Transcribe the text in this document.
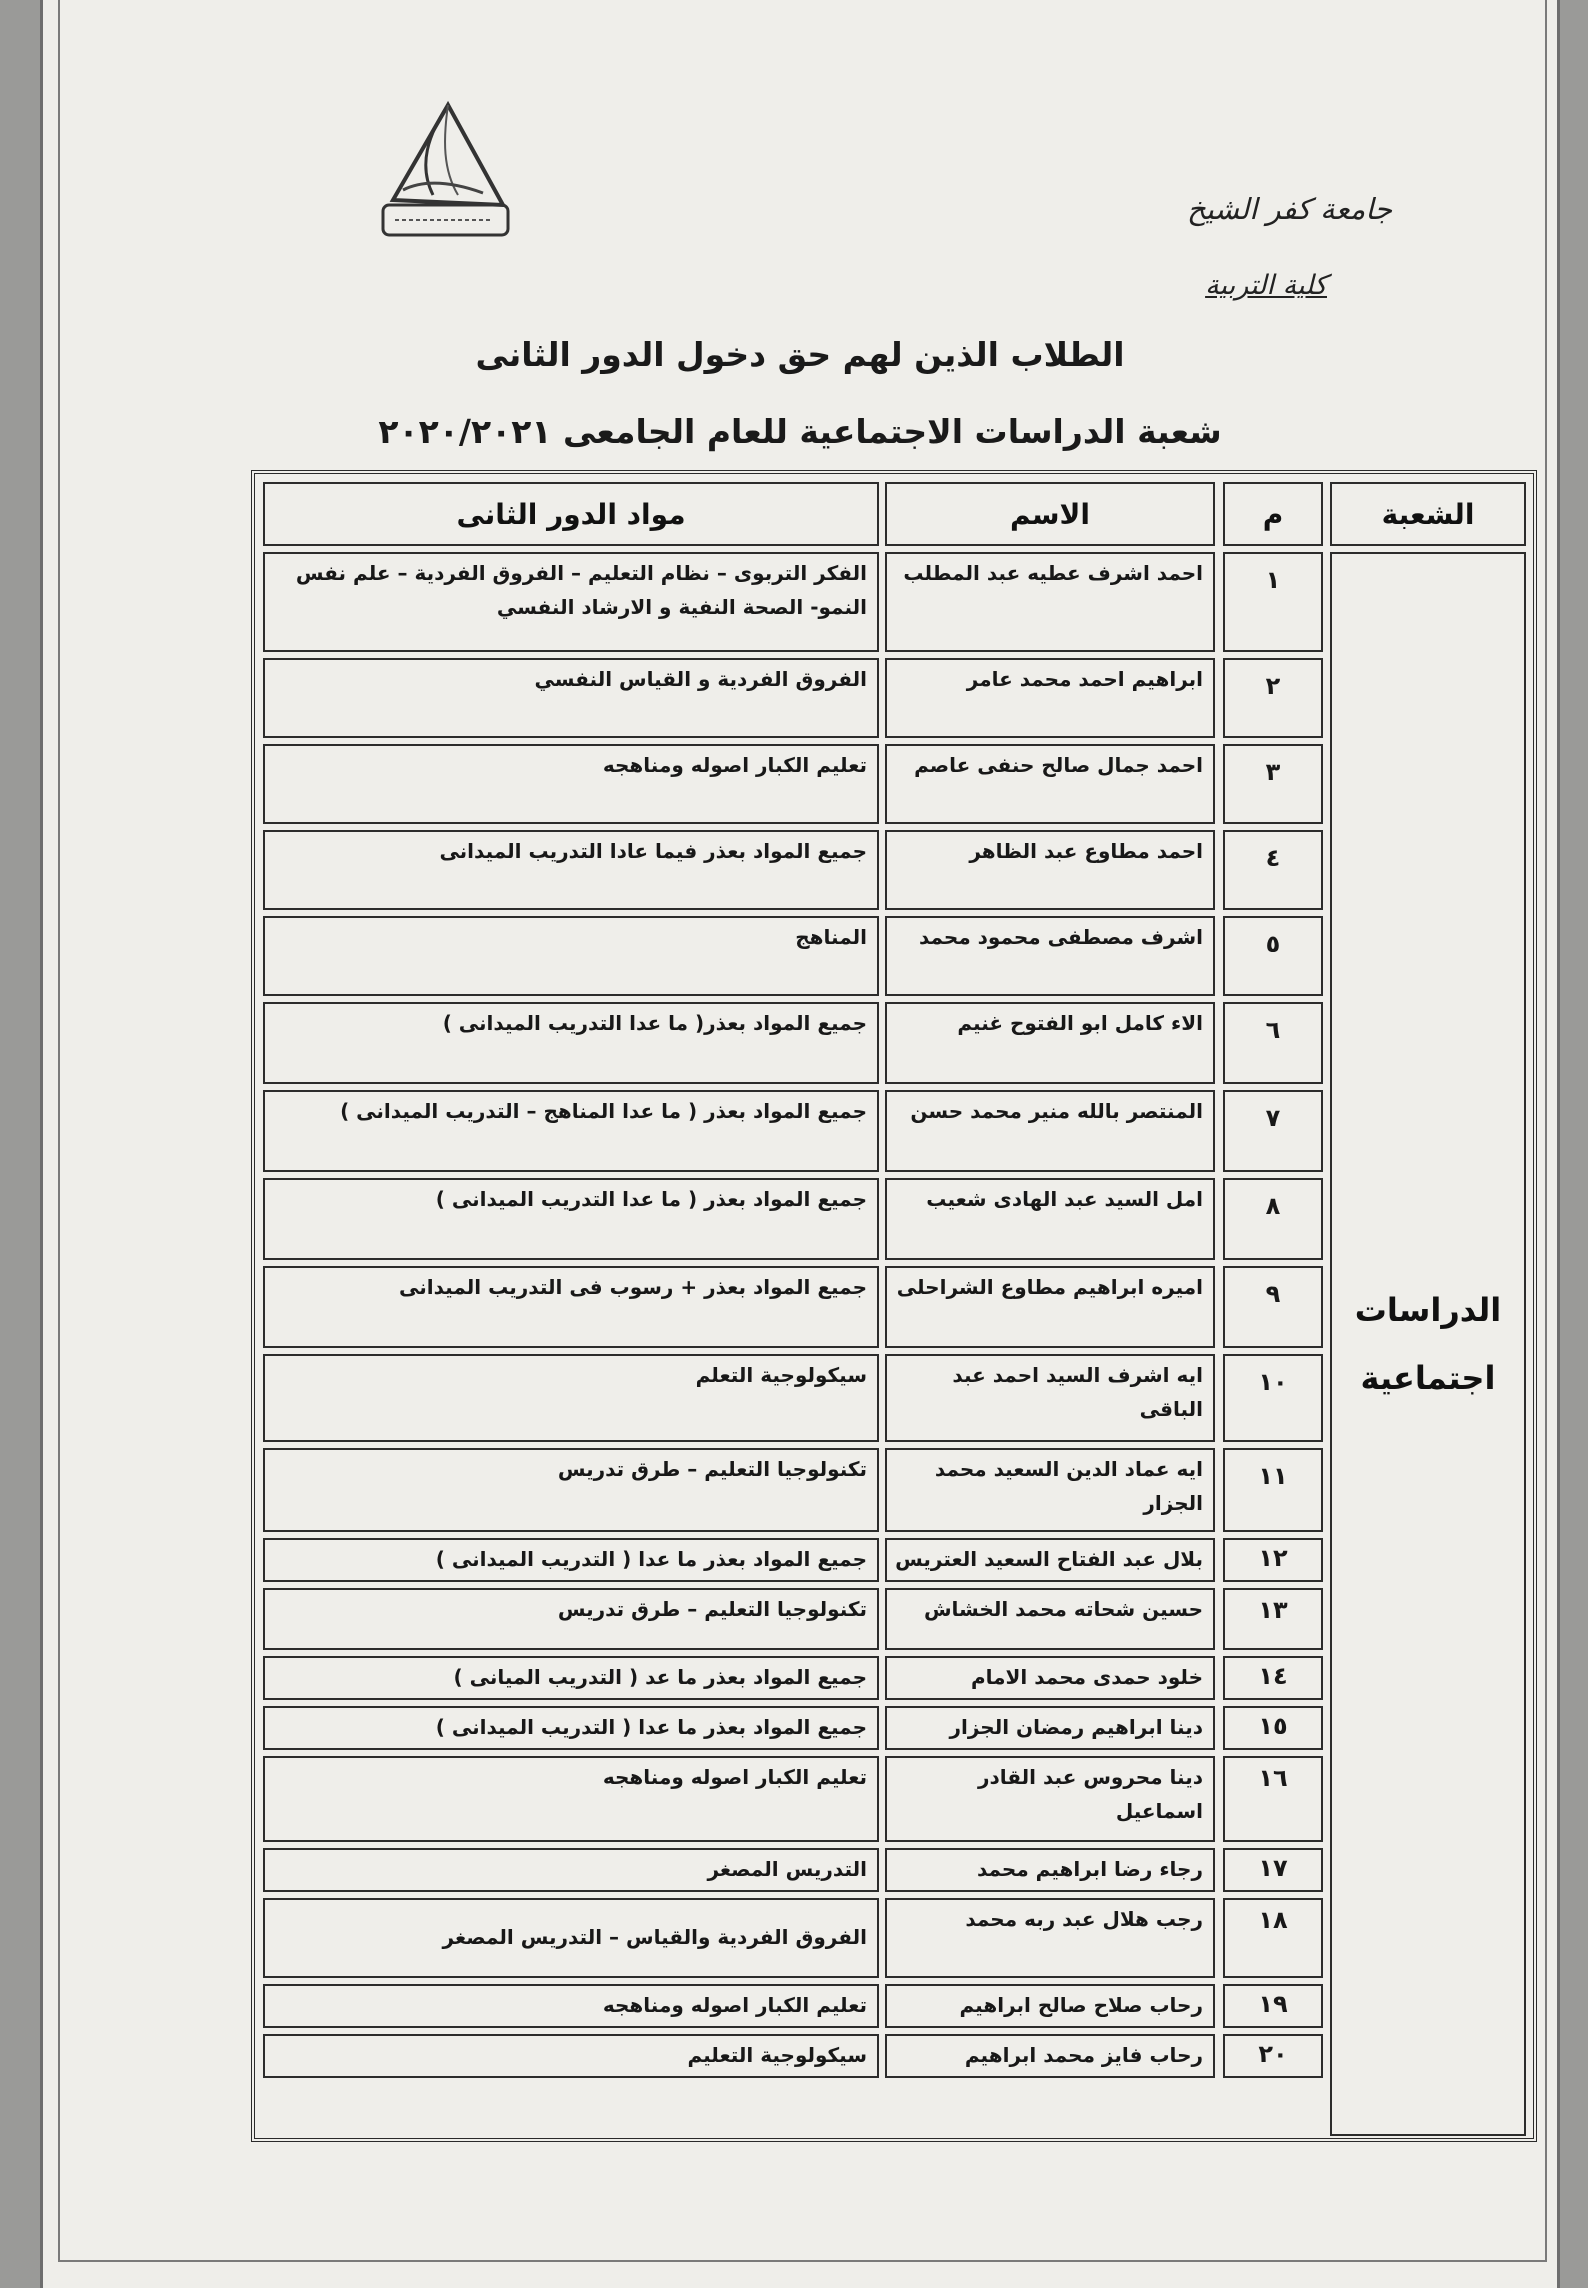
جامعة كفر الشيخ
كلية التربية
الطلاب الذين لهم حق دخول الدور الثانى
شعبة الدراسات الاجتماعية للعام الجامعى ٢٠٢٠/٢٠٢١
الشعبة
م
الاسم
مواد الدور الثانى
الدراسات اجتماعية
١
احمد اشرف عطيه عبد المطلب
الفكر التربوى – نظام التعليم – الفروق الفردية – علم نفس النمو- الصحة النفية و الارشاد النفسي
٢
ابراهيم احمد محمد عامر
الفروق الفردية و القياس النفسي
٣
احمد جمال صالح حنفى عاصم
تعليم الكبار اصوله ومناهجه
٤
احمد مطاوع عبد الظاهر
جميع المواد بعذر فيما عادا التدريب الميدانى
٥
اشرف مصطفى محمود محمد
المناهج
٦
الاء كامل ابو الفتوح غنيم
جميع المواد بعذر( ما عدا التدريب الميدانى )
٧
المنتصر بالله منير محمد حسن
جميع المواد بعذر ( ما عدا المناهج – التدريب الميدانى )
٨
امل السيد عبد الهادى شعيب
جميع المواد بعذر ( ما عدا التدريب الميدانى )
٩
اميره ابراهيم مطاوع الشراحلى
جميع المواد بعذر + رسوب فى التدريب الميدانى
١٠
ايه اشرف السيد احمد عبد الباقى
سيكولوجية التعلم
١١
ايه عماد الدين السعيد محمد الجزار
تكنولوجيا التعليم – طرق تدريس
١٢
بلال عبد الفتاح السعيد العتريس
جميع المواد بعذر ما عدا ( التدريب الميدانى )
١٣
حسين شحاته محمد الخشاش
تكنولوجيا التعليم – طرق تدريس
١٤
خلود حمدى محمد الامام
جميع المواد بعذر ما عد ( التدريب الميانى )
١٥
دينا ابراهيم رمضان الجزار
جميع المواد بعذر ما عدا ( التدريب الميدانى )
١٦
دينا محروس عبد القادر اسماعيل
تعليم الكبار اصوله ومناهجه
١٧
رجاء رضا ابراهيم محمد
التدريس المصغر
١٨
رجب هلال عبد ربه محمد
الفروق الفردية والقياس – التدريس المصغر
١٩
رحاب صلاح صالح ابراهيم
تعليم الكبار اصوله ومناهجه
٢٠
رحاب فايز محمد ابراهيم
سيكولوجية التعليم
